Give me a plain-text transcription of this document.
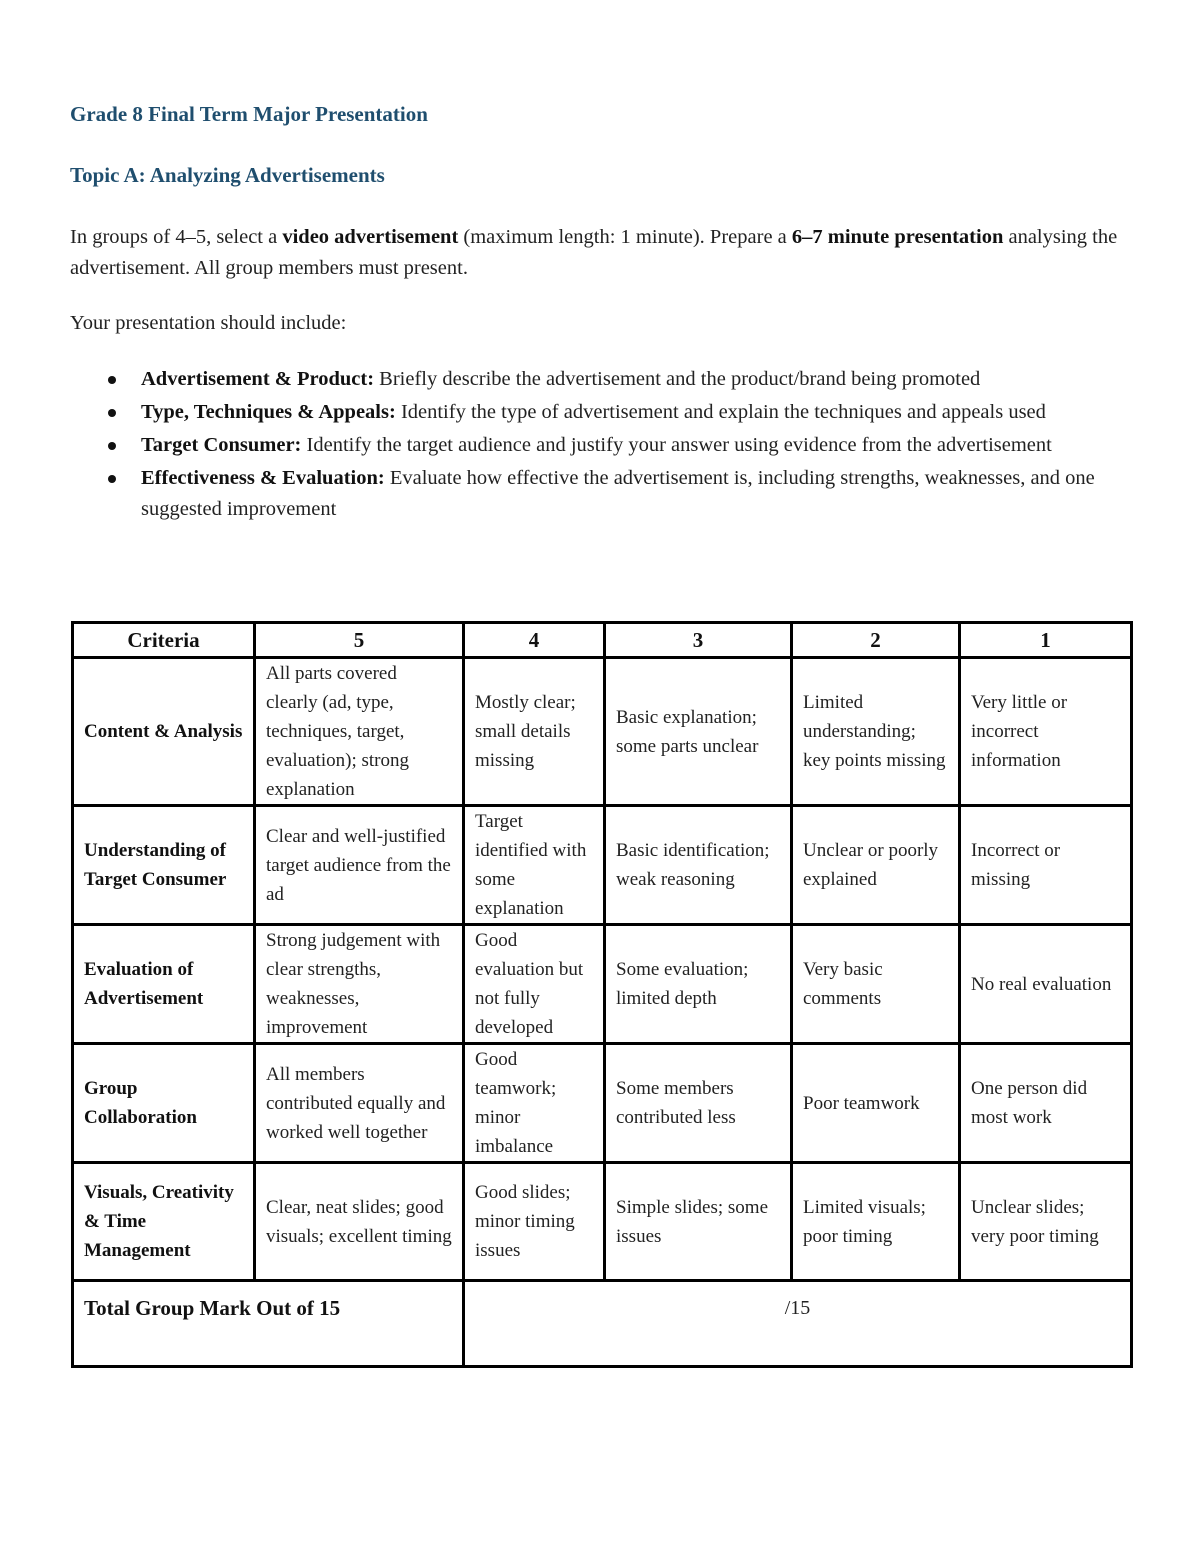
Grade 8 Final Term Major Presentation
Topic A: Analyzing Advertisements

In groups of 4–5, select a video advertisement (maximum length: 1 minute). Prepare a 6–7 minute presentation analysing the advertisement. All group members must present.

Your presentation should include:

Advertisement & Product: Briefly describe the advertisement and the product/brand being promoted
Type, Techniques & Appeals: Identify the type of advertisement and explain the techniques and appeals used
Target Consumer: Identify the target audience and justify your answer using evidence from the advertisement
Effectiveness & Evaluation: Evaluate how effective the advertisement is, including strengths, weaknesses, and one suggested improvement
Criteria	5	4	3	2	1
Content & Analysis	All parts covered clearly (ad, type, techniques, target, evaluation); strong explanation	Mostly clear; small details missing	Basic explanation; some parts unclear	Limited understanding; key points missing	Very little or incorrect information
Understanding of Target Consumer	Clear and well-justified target audience from the ad	Target identified with some explanation	Basic identification; weak reasoning	Unclear or poorly explained	Incorrect or missing
Evaluation of Advertisement	Strong judgement with clear strengths, weaknesses, improvement	Good evaluation but not fully developed	Some evaluation; limited depth	Very basic comments	No real evaluation
Group Collaboration	All members contributed equally and worked well together	Good teamwork; minor imbalance	Some members contributed less	Poor teamwork	One person did most work
Visuals, Creativity & Time Management	Clear, neat slides; good visuals; excellent timing	Good slides; minor timing issues	Simple slides; some issues	Limited visuals; poor timing	Unclear slides; very poor timing
Total Group Mark Out of 15		/15			
